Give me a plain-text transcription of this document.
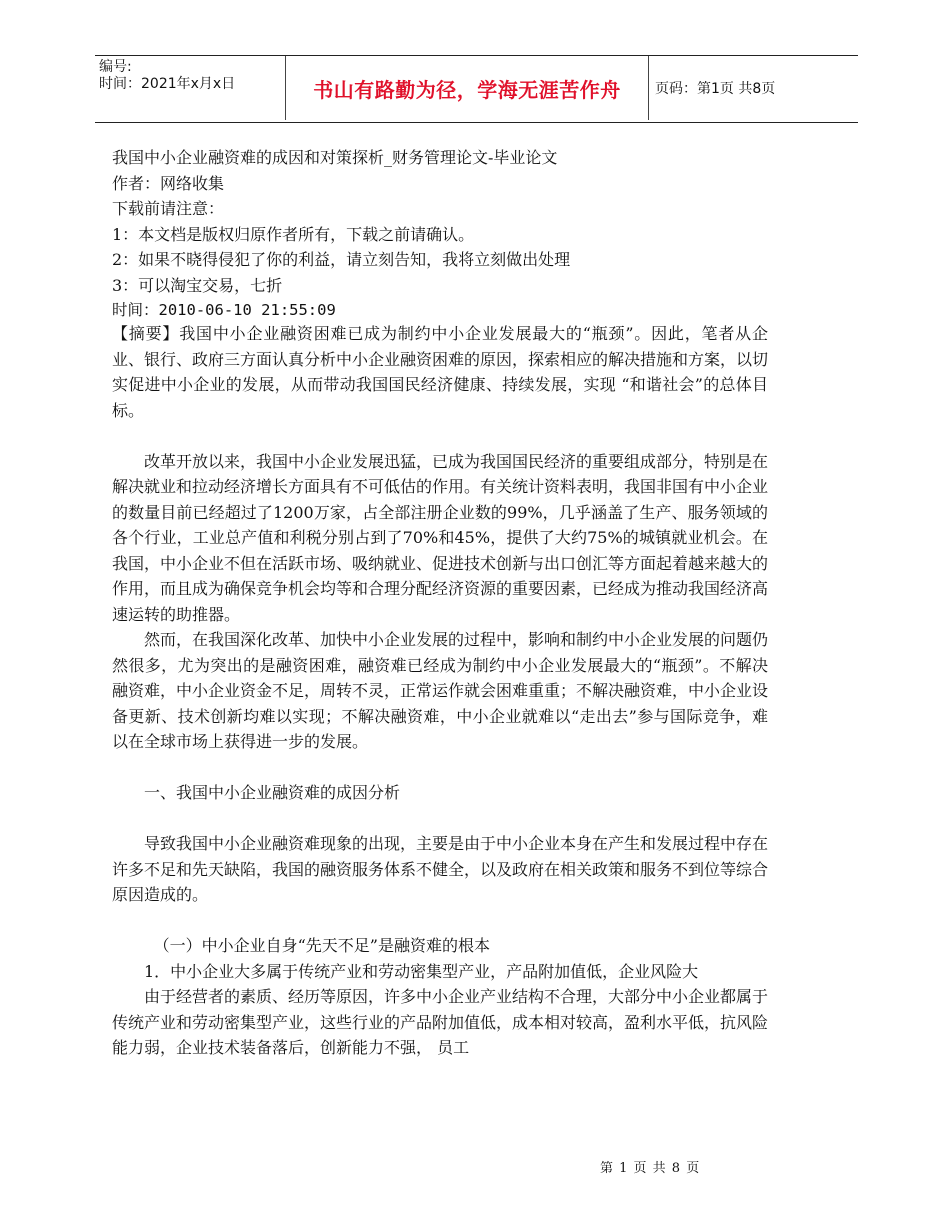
编号:
时间：2021年x月x日	书山有路勤为径，学海无涯苦作舟	页码：第1页 共8页
我国中小企业融资难的成因和对策探析_财务管理论文-毕业论文
作者：网络收集
下载前请注意：
1：本文档是版权归原作者所有，下载之前请确认。
2：如果不晓得侵犯了你的利益，请立刻告知，我将立刻做出处理
3：可以淘宝交易，七折
时间：2010-06-10 21:55:09

【摘要】我国中小企业融资困难已成为制约中小企业发展最大的“瓶颈”。因此，笔者从企业、银行、政府三方面认真分析中小企业融资困难的原因，探索相应的解决措施和方案，以切实促进中小企业的发展，从而带动我国国民经济健康、持续发展，实现 “和谐社会”的总体目标。

改革开放以来，我国中小企业发展迅猛，已成为我国国民经济的重要组成部分，特别是在解决就业和拉动经济增长方面具有不可低估的作用。有关统计资料表明，我国非国有中小企业的数量目前已经超过了1200万家，占全部注册企业数的99%，几乎涵盖了生产、服务领域的各个行业，工业总产值和利税分别占到了70%和45%，提供了大约75%的城镇就业机会。在我国，中小企业不但在活跃市场、吸纳就业、促进技术创新与出口创汇等方面起着越来越大的作用，而且成为确保竞争机会均等和合理分配经济资源的重要因素，已经成为推动我国经济高速运转的助推器。

然而，在我国深化改革、加快中小企业发展的过程中，影响和制约中小企业发展的问题仍然很多，尤为突出的是融资困难，融资难已经成为制约中小企业发展最大的“瓶颈”。不解决融资难，中小企业资金不足，周转不灵，正常运作就会困难重重；不解决融资难，中小企业设备更新、技术创新均难以实现；不解决融资难，中小企业就难以“走出去”参与国际竞争，难以在全球市场上获得进一步的发展。

一、我国中小企业融资难的成因分析

导致我国中小企业融资难现象的出现，主要是由于中小企业本身在产生和发展过程中存在许多不足和先天缺陷，我国的融资服务体系不健全，以及政府在相关政策和服务不到位等综合原因造成的。

（一）中小企业自身“先天不足”是融资难的根本

1．中小企业大多属于传统产业和劳动密集型产业，产品附加值低，企业风险大

由于经营者的素质、经历等原因，许多中小企业产业结构不合理，大部分中小企业都属于传统产业和劳动密集型产业，这些行业的产品附加值低，成本相对较高，盈利水平低，抗风险能力弱，企业技术装备落后，创新能力不强， 员工

第 1 页 共 8 页
